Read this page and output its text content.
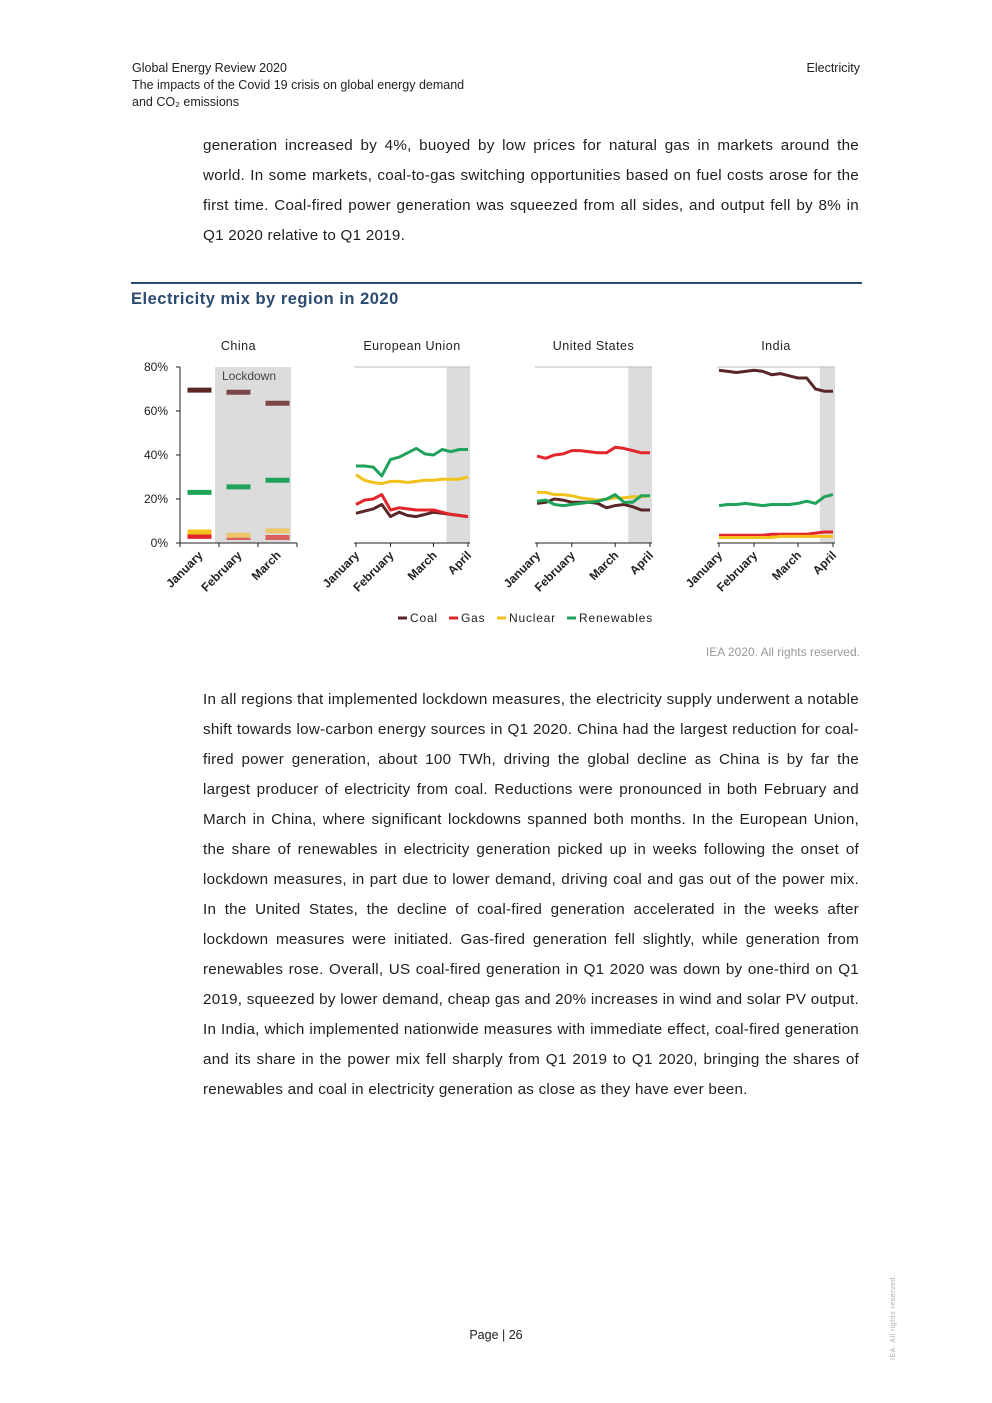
Global Energy Review 2020
The impacts of the Covid 19 crisis on global energy demand
and CO₂ emissions
Electricity

generation increased by 4%, buoyed by low prices for natural gas in markets around the world. In some markets, coal-to-gas switching opportunities based on fuel costs arose for the first time. Coal-fired power generation was squeezed from all sides, and output fell by 8% in Q1 2020 relative to Q1 2019.

Electricity mix by region in 2020
0%
20%
40%
60%
80%
China
Lockdown
January
February March
European Union
January
February March April
United States
January
February March April
India
January
February March April
Coal Gas Nuclear Renewables
IEA 2020. All rights reserved.

In all regions that implemented lockdown measures, the electricity supply underwent a notable shift towards low-carbon energy sources in Q1 2020. China had the largest reduction for coal-fired power generation, about 100 TWh, driving the global decline as China is by far the largest producer of electricity from coal. Reductions were pronounced in both February and March in China, where significant lockdowns spanned both months. In the European Union, the share of renewables in electricity generation picked up in weeks following the onset of lockdown measures, in part due to lower demand, driving coal and gas out of the power mix. In the United States, the decline of coal-fired generation accelerated in the weeks after lockdown measures were initiated. Gas-fired generation fell slightly, while generation from renewables rose. Overall, US coal-fired generation in Q1 2020 was down by one-third on Q1 2019, squeezed by lower demand, cheap gas and 20% increases in wind and solar PV output. In India, which implemented nationwide measures with immediate effect, coal-fired generation and its share in the power mix fell sharply from Q1 2019 to Q1 2020, bringing the shares of renewables and coal in electricity generation as close as they have ever been.

Page | 26	IEA. All rights reserved.
